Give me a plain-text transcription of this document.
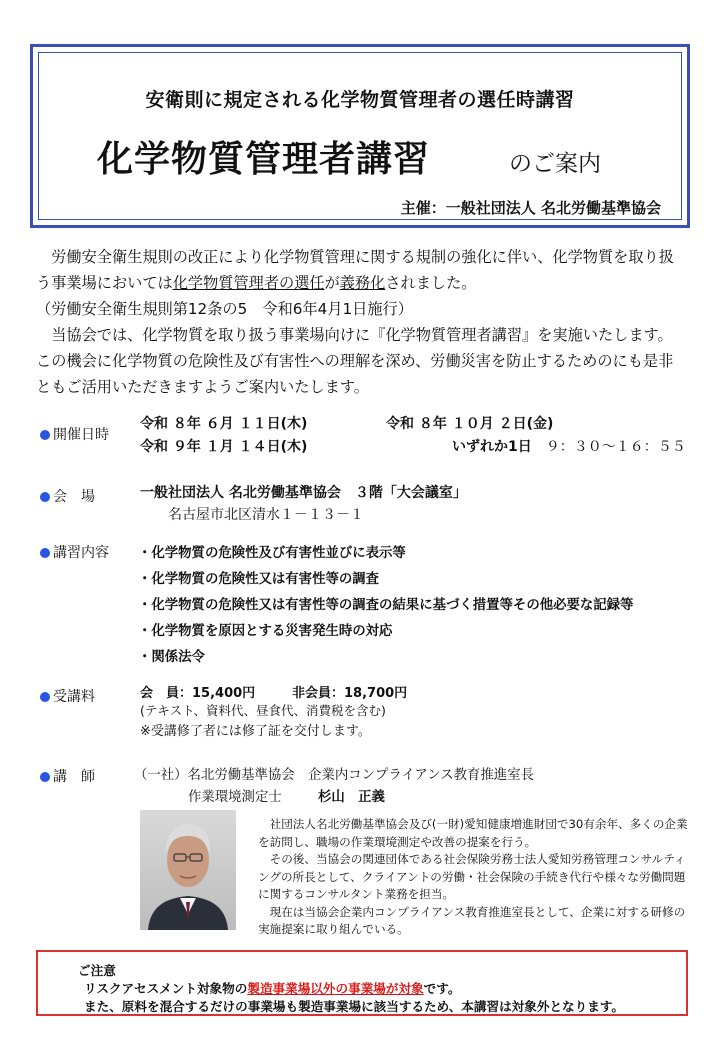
安衛則に規定される化学物質管理者の選任時講習
化学物質管理者講習	のご案内
主催：一般社団法人 名北労働基準協会

　労働安全衛生規則の改正により化学物質管理に関する規制の強化に伴い、化学物質を取り扱う事業場においては化学物質管理者の選任が義務化されました。

（労働安全衛生規則第12条の5　令和6年4月1日施行）

　当協会では、化学物質を取り扱う事業場向けに『化学物質管理者講習』を実施いたします。この機会に化学物質の危険性及び有害性への理解を深め、労働災害を防止するためのにも是非ともご活用いただきますようご案内いたします。

開催日時
令和 ８年 ６月 １１日(木)	令和 ８年 １０月 ２日(金)
令和 ９年 １月 １４日(木)	いずれか1日　 ９：３０〜１６：５５
会　場	一般社団法人 名北労働基準協会　３階「大会議室」
名古屋市北区清水１－１３－１
講習内容 ・化学物質の危険性及び有害性並びに表示等
・化学物質の危険性又は有害性等の調査
・化学物質の危険性又は有害性等の調査の結果に基づく措置等その他必要な記録等
・化学物質を原因とする災害発生時の対応
・関係法令
受講料	会　員：15,400円	非会員：18,700円
(テキスト、資料代、昼食代、消費税を含む)
※受講修了者には修了証を交付します。
講　師	（一社）名北労働基準協会　企業内コンプライアンス教育推進室長
作業環境測定士	杉山　正義

　社団法人名北労働基準協会及び(一財)愛知健康増進財団で30有余年、多くの企業を訪問し、職場の作業環境測定や改善の提案を行う。

　その後、当協会の関連団体である社会保険労務士法人愛知労務管理コンサルティングの所長として、クライアントの労働・社会保険の手続き代行や様々な労働問題に関するコンサルタント業務を担当。

　現在は当協会企業内コンプライアンス教育推進室長として、企業に対する研修の実施提案に取り組んでいる。

ご注意
リスクアセスメント対象物の製造事業場以外の事業場が対象です。
また、原料を混合するだけの事業場も製造事業場に該当するため、本講習は対象外となります。
